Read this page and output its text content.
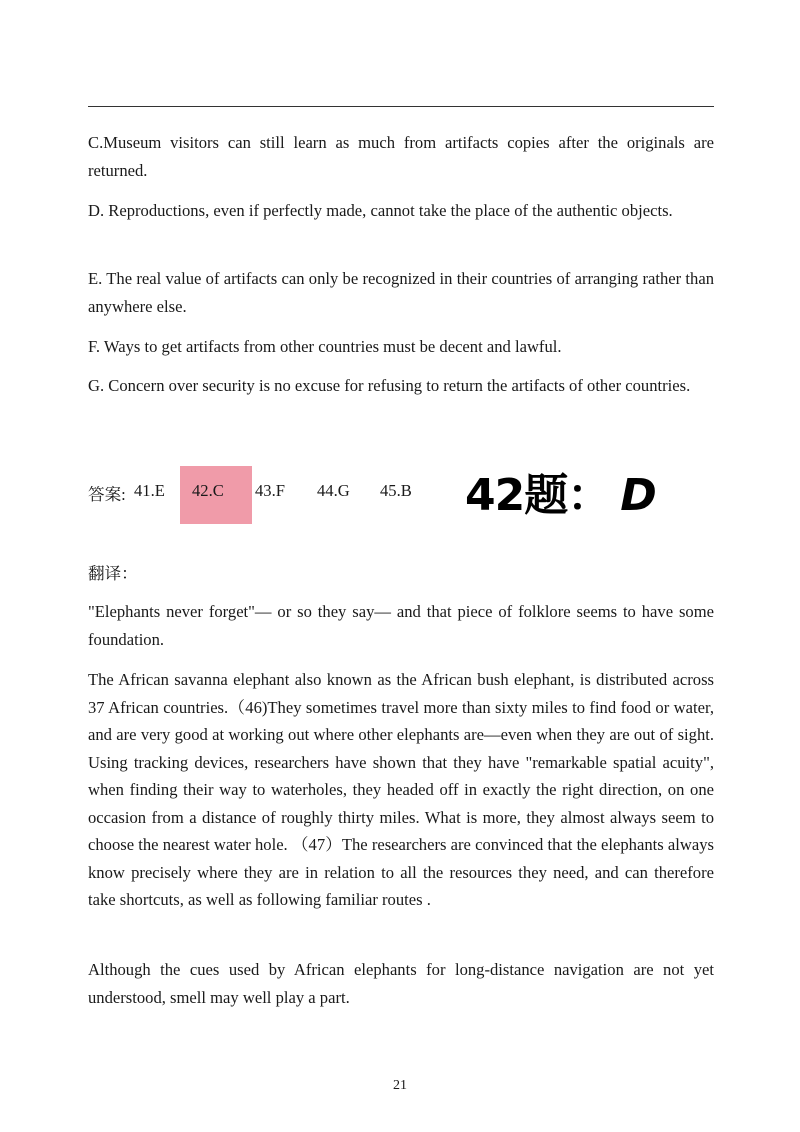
C.Museum visitors can still learn as much from artifacts copies after the originals are returned.
D. Reproductions, even if perfectly made, cannot take the place of the authentic objects.
E. The real value of artifacts can only be recognized in their countries of arranging rather than anywhere else.
F. Ways to get artifacts from other countries must be decent and lawful.
G. Concern over security is no excuse for refusing to return the artifacts of other countries.
答案: 41.E 42.C 43.F 44.G 45.B 42题： D
翻译：
"Elephants never forget"— or so they say— and that piece of folklore seems to have some foundation.
The African savanna elephant also known as the African bush elephant, is distributed across 37 African countries.（46)They sometimes travel more than sixty miles to find food or water, and are very good at working out where other elephants are—even when they are out of sight. Using tracking devices, researchers have shown that they have "remarkable spatial acuity", when finding their way to waterholes, they headed off in exactly the right direction, on one occasion from a distance of roughly thirty miles. What is more, they almost always seem to choose the nearest water hole. （47）The researchers are convinced that the elephants always know precisely where they are in relation to all the resources they need, and can therefore take shortcuts, as well as following familiar routes .
Although the cues used by African elephants for long-distance navigation are not yet understood, smell may well play a part.
21
